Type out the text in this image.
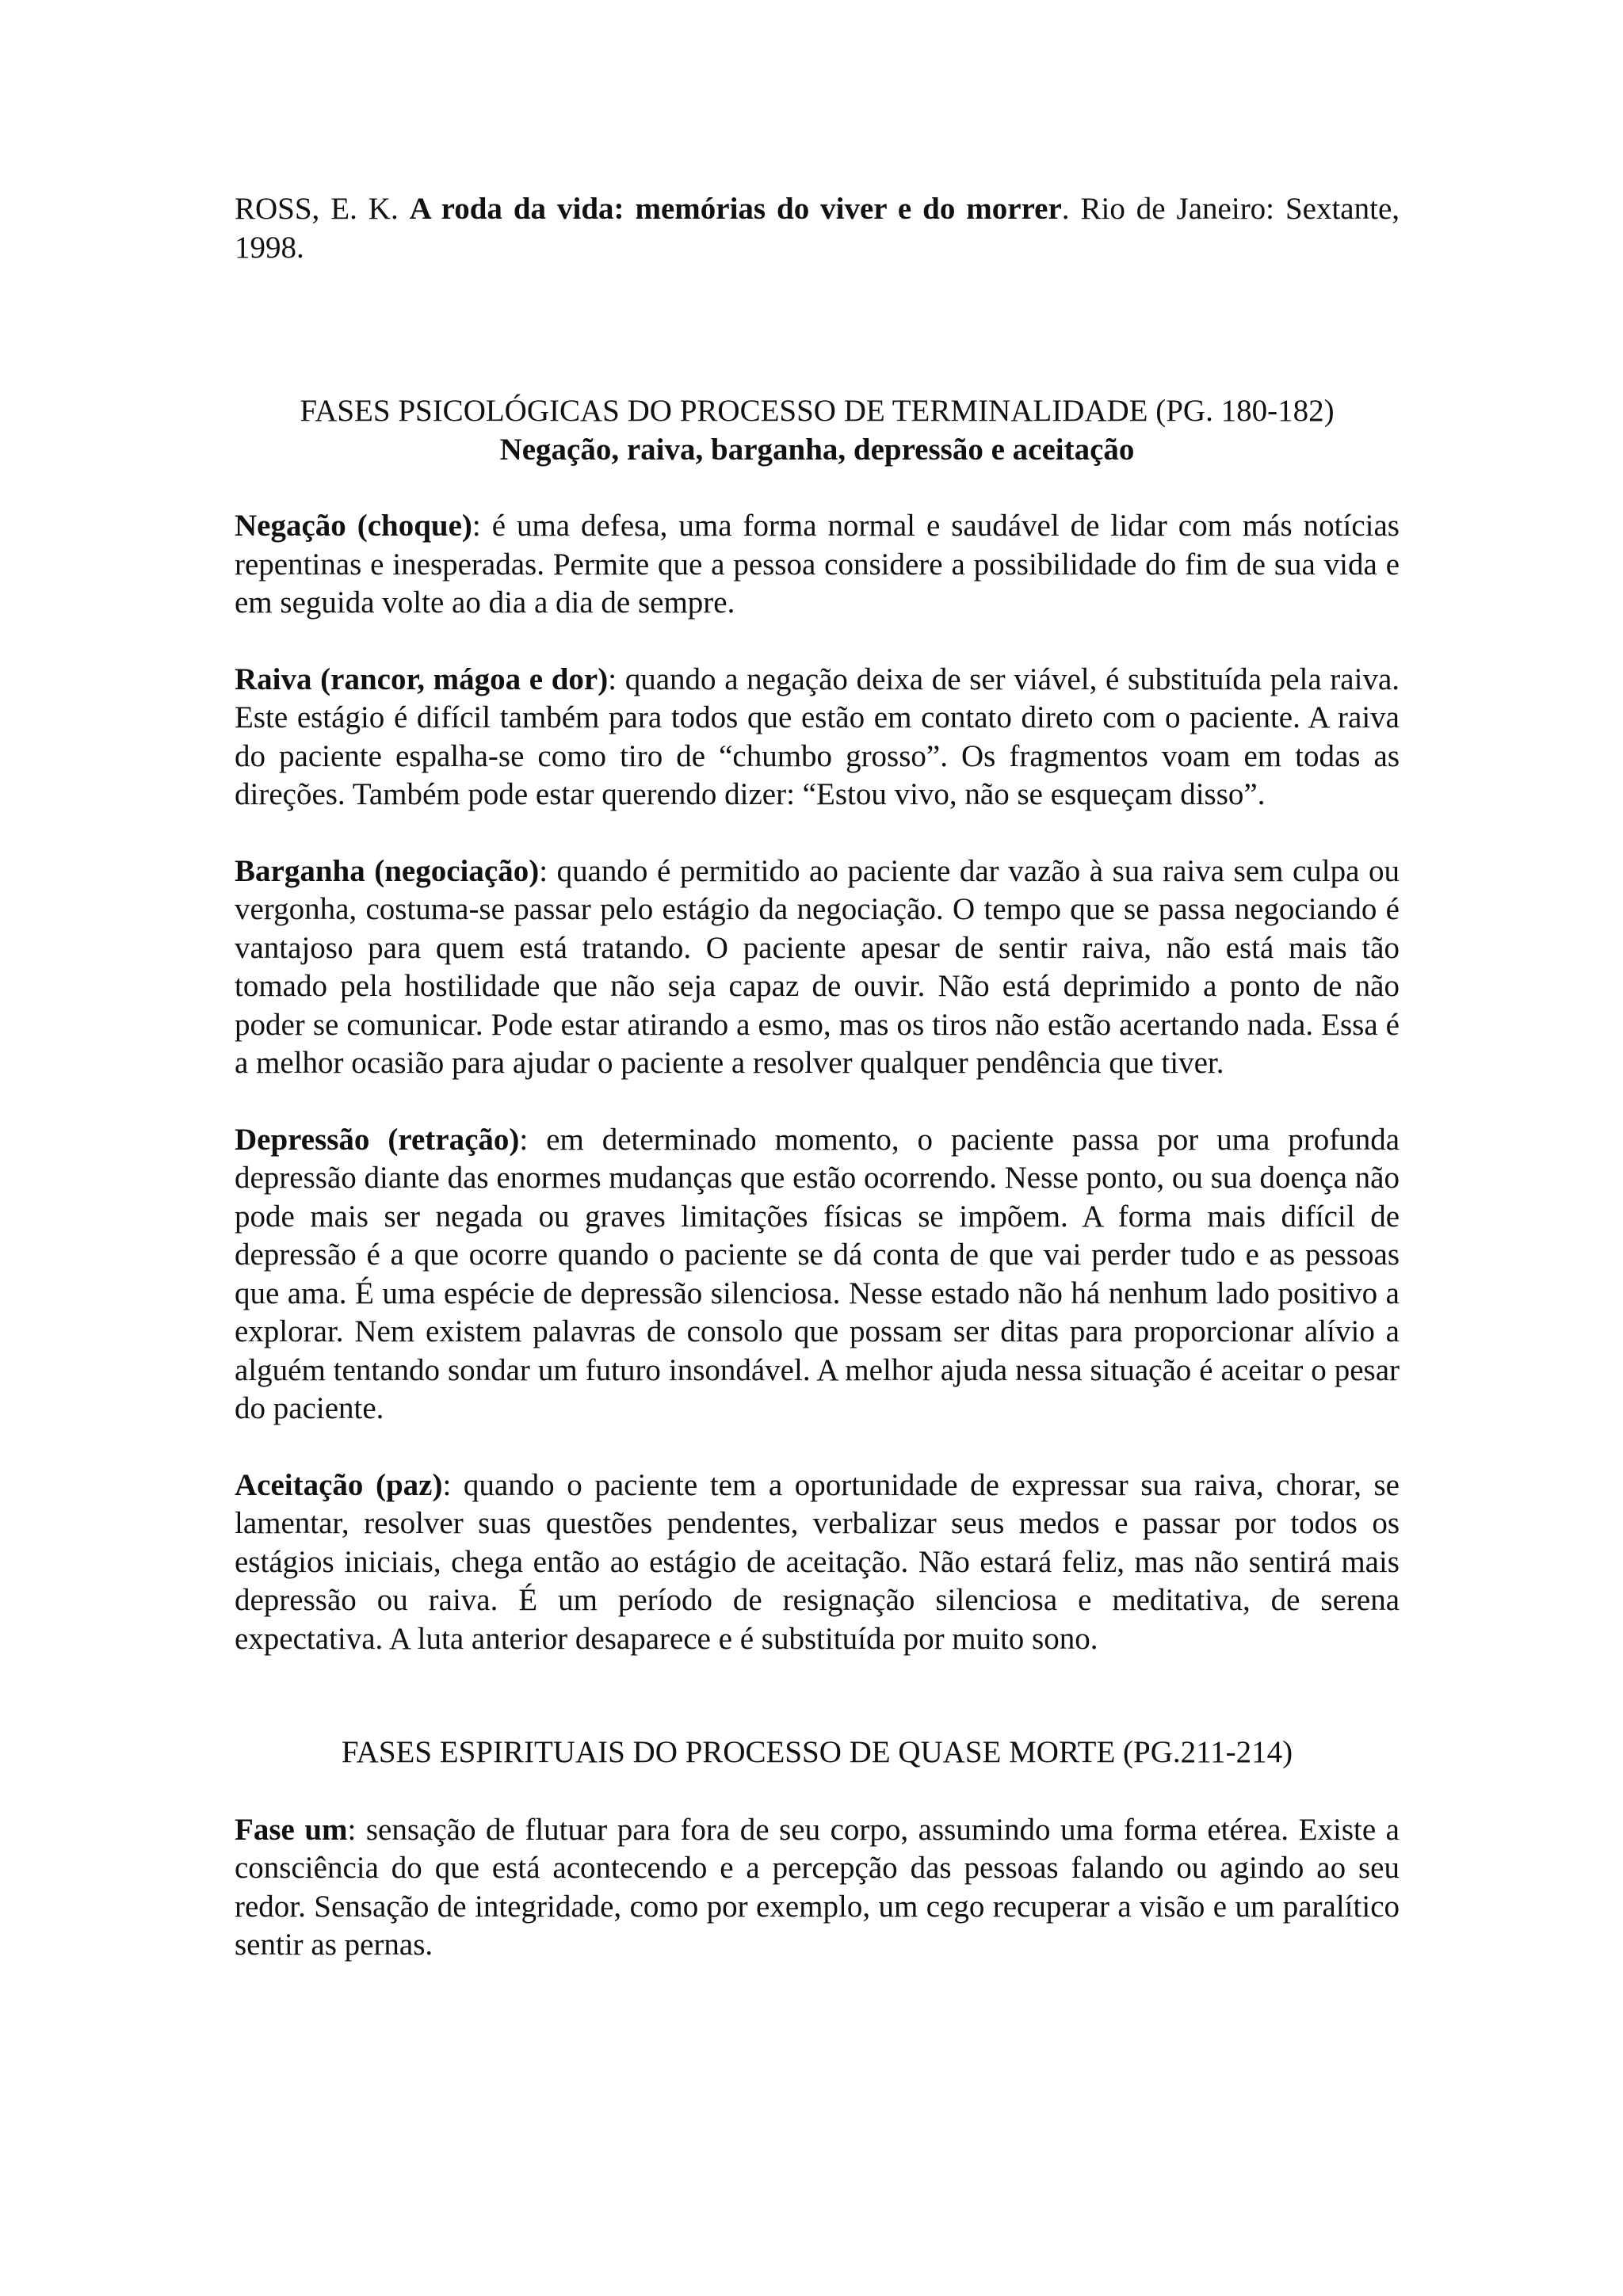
ROSS, E. K. A roda da vida: memórias do viver e do morrer. Rio de Janeiro: Sextante, 1998.

FASES PSICOLÓGICAS DO PROCESSO DE TERMINALIDADE (PG. 180-182)

Negação, raiva, barganha, depressão e aceitação

Negação (choque): é uma defesa, uma forma normal e saudável de lidar com más notícias repentinas e inesperadas. Permite que a pessoa considere a possibilidade do fim de sua vida e em seguida volte ao dia a dia de sempre.

Raiva (rancor, mágoa e dor): quando a negação deixa de ser viável, é substituída pela raiva. Este estágio é difícil também para todos que estão em contato direto com o paciente. A raiva do paciente espalha-se como tiro de “chumbo grosso”. Os fragmentos voam em todas as direções. Também pode estar querendo dizer: “Estou vivo, não se esqueçam disso”.

Barganha (negociação): quando é permitido ao paciente dar vazão à sua raiva sem culpa ou vergonha, costuma-se passar pelo estágio da negociação. O tempo que se passa negociando é vantajoso para quem está tratando. O paciente apesar de sentir raiva, não está mais tão tomado pela hostilidade que não seja capaz de ouvir. Não está deprimido a ponto de não poder se comunicar. Pode estar atirando a esmo, mas os tiros não estão acertando nada. Essa é a melhor ocasião para ajudar o paciente a resolver qualquer pendência que tiver.

Depressão (retração): em determinado momento, o paciente passa por uma profunda depressão diante das enormes mudanças que estão ocorrendo. Nesse ponto, ou sua doença não pode mais ser negada ou graves limitações físicas se impõem. A forma mais difícil de depressão é a que ocorre quando o paciente se dá conta de que vai perder tudo e as pessoas que ama. É uma espécie de depressão silenciosa. Nesse estado não há nenhum lado positivo a explorar. Nem existem palavras de consolo que possam ser ditas para proporcionar alívio a alguém tentando sondar um futuro insondável. A melhor ajuda nessa situação é aceitar o pesar do paciente.

Aceitação (paz): quando o paciente tem a oportunidade de expressar sua raiva, chorar, se lamentar, resolver suas questões pendentes, verbalizar seus medos e passar por todos os estágios iniciais, chega então ao estágio de aceitação. Não estará feliz, mas não sentirá mais depressão ou raiva. É um período de resignação silenciosa e meditativa, de serena expectativa. A luta anterior desaparece e é substituída por muito sono.

FASES ESPIRITUAIS DO PROCESSO DE QUASE MORTE (PG.211-214)

Fase um: sensação de flutuar para fora de seu corpo, assumindo uma forma etérea. Existe a consciência do que está acontecendo e a percepção das pessoas falando ou agindo ao seu redor. Sensação de integridade, como por exemplo, um cego recuperar a visão e um paralítico sentir as pernas.
